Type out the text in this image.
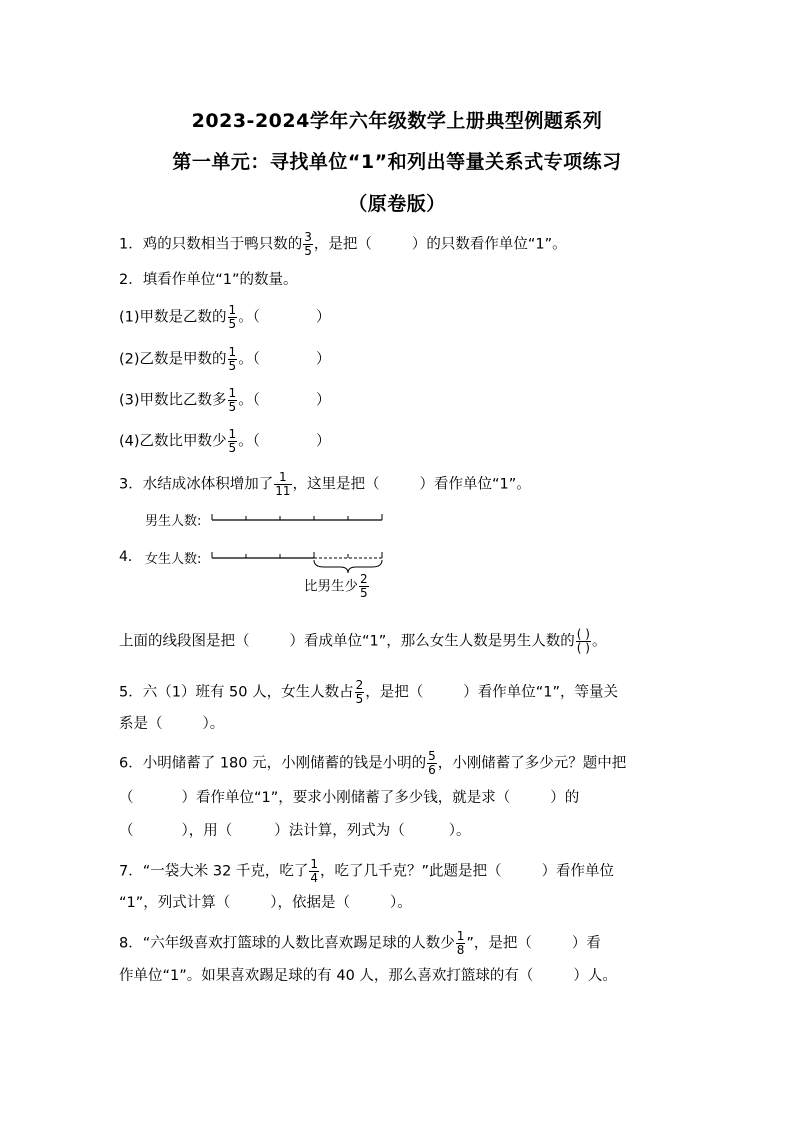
2023-2024学年六年级数学上册典型例题系列
第一单元：寻找单位“1”和列出等量关系式专项练习
（原卷版）
1．鸡的只数相当于鸭只数的 $\frac{3}{5}$ ，是把（	）的只数看作单位“1”。
2．填看作单位“1”的数量。
(1)甲数是乙数的 $\frac{1}{5}$ 。（	）
(2)乙数是甲数的 $\frac{1}{5}$ 。（	）
(3)甲数比乙数多 $\frac{1}{5}$ 。（	）
(4)乙数比甲数少 $\frac{1}{5}$ 。（	）
3．水结成冰体积增加了 $\frac{1}{11}$ ，这里是把（	）看作单位“1”。
男生人数:
4． 女生人数:
比男生少 $\frac{2}{5}$
上面的线段图是把（	）看成单位“1”，那么女生人数是男生人数的 $\frac{( )}{( )}$ 。
5．六（1）班有 50 人，女生人数占 $\frac{2}{5}$ ，是把（	）看作单位“1”，等量关
系是（	）。
6．小明储蓄了 180 元，小刚储蓄的钱是小明的 $\frac{5}{6}$ ，小刚储蓄了多少元？题中把
（	）看作单位“1”，要求小刚储蓄了多少钱，就是求（	）的
（	），用（	）法计算，列式为（	）。
7．“一袋大米 32 千克，吃了 $\frac{1}{4}$ ，吃了几千克？”此题是把（	）看作单位
“1”，列式计算（	），依据是（	）。
8．“六年级喜欢打篮球的人数比喜欢踢足球的人数少 $\frac{1}{8}$ ”，是把（	）看
作单位“1”。如果喜欢踢足球的有 40 人，那么喜欢打篮球的有（	）人。
